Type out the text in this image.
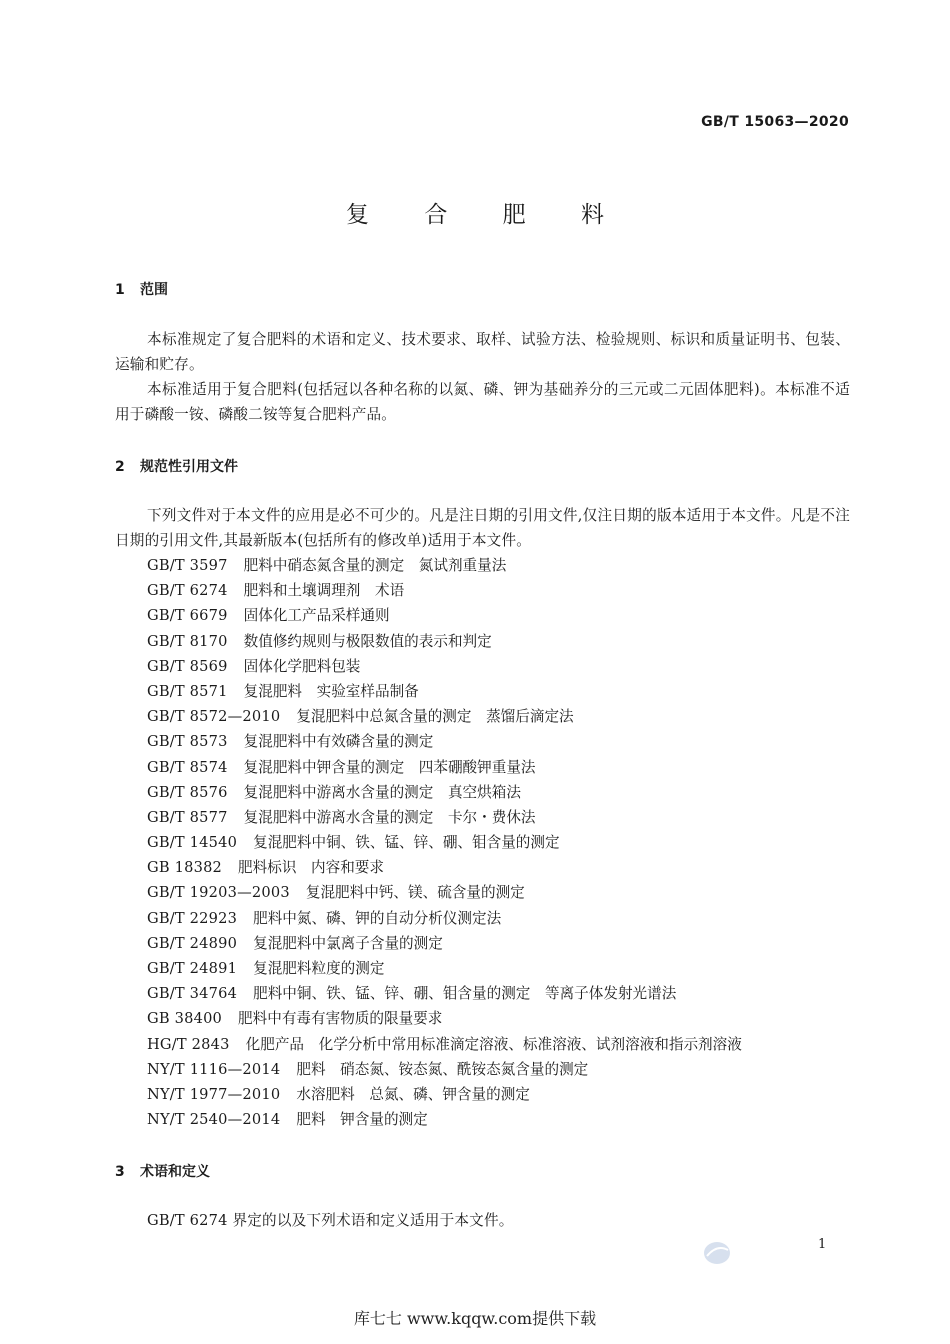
GB/T 15063—2020
复 合 肥 料
1 范围

本标准规定了复合肥料的术语和定义、技术要求、取样、试验方法、检验规则、标识和质量证明书、包装、运输和贮存。

本标准适用于复合肥料(包括冠以各种名称的以氮、磷、钾为基础养分的三元或二元固体肥料)。本标准不适用于磷酸一铵、磷酸二铵等复合肥料产品。

2 规范性引用文件

下列文件对于本文件的应用是必不可少的。凡是注日期的引用文件,仅注日期的版本适用于本文件。凡是不注日期的引用文件,其最新版本(包括所有的修改单)适用于本文件。

GB/T 3597 肥料中硝态氮含量的测定　氮试剂重量法
GB/T 6274 肥料和土壤调理剂　术语
GB/T 6679 固体化工产品采样通则
GB/T 8170 数值修约规则与极限数值的表示和判定
GB/T 8569 固体化学肥料包装
GB/T 8571 复混肥料　实验室样品制备
GB/T 8572—2010 复混肥料中总氮含量的测定　蒸馏后滴定法
GB/T 8573 复混肥料中有效磷含量的测定
GB/T 8574 复混肥料中钾含量的测定　四苯硼酸钾重量法
GB/T 8576 复混肥料中游离水含量的测定　真空烘箱法
GB/T 8577 复混肥料中游离水含量的测定　卡尔・费休法
GB/T 14540 复混肥料中铜、铁、锰、锌、硼、钼含量的测定
GB 18382 肥料标识　内容和要求
GB/T 19203—2003 复混肥料中钙、镁、硫含量的测定
GB/T 22923 肥料中氮、磷、钾的自动分析仪测定法
GB/T 24890 复混肥料中氯离子含量的测定
GB/T 24891 复混肥料粒度的测定
GB/T 34764 肥料中铜、铁、锰、锌、硼、钼含量的测定　等离子体发射光谱法
GB 38400 肥料中有毒有害物质的限量要求
HG/T 2843 化肥产品　化学分析中常用标准滴定溶液、标准溶液、试剂溶液和指示剂溶液
NY/T 1116—2014 肥料　硝态氮、铵态氮、酰铵态氮含量的测定
NY/T 1977—2010 水溶肥料　总氮、磷、钾含量的测定
NY/T 2540—2014 肥料　钾含量的测定
3 术语和定义

GB/T 6274 界定的以及下列术语和定义适用于本文件。

1
库七七 www.kqqw.com提供下载
